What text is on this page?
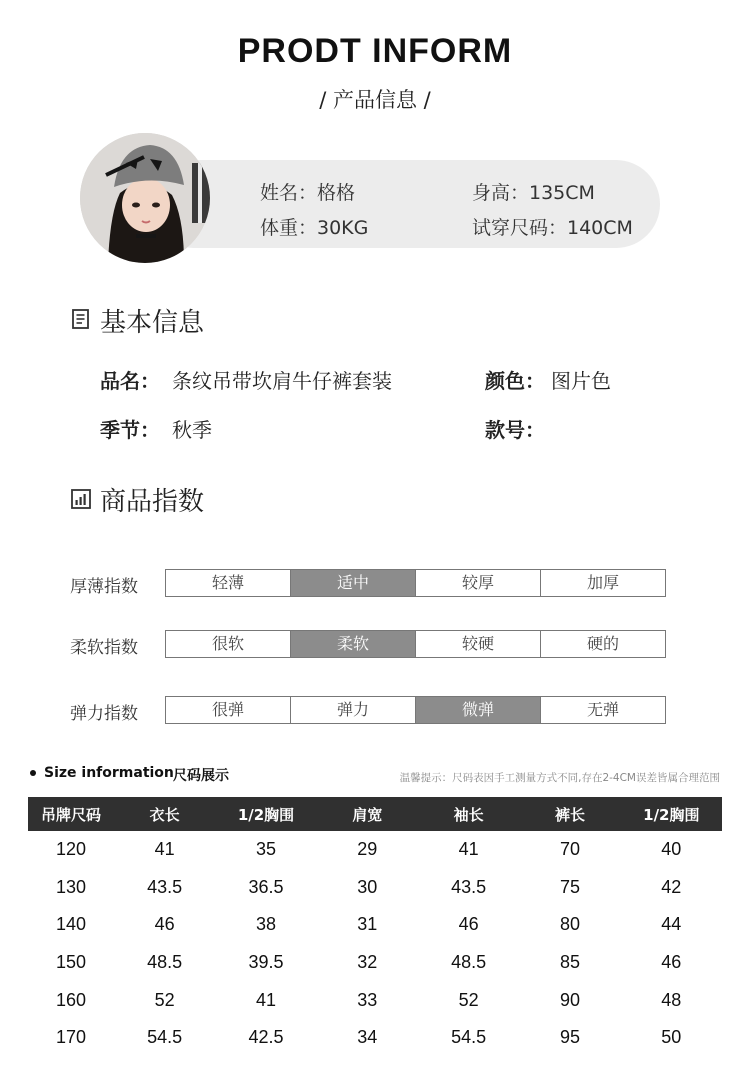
PRODT INFORM
/ 产品信息 /
姓名：格格	身高：135CM
体重：30KG	试穿尺码：140CM
基本信息
品名： 条纹吊带坎肩牛仔裤套装	颜色： 图片色
季节： 秋季	款号：
商品指数
厚薄指数	轻薄	适中	较厚	加厚
柔软指数	很软	柔软	较硬	硬的
弹力指数	很弹	弹力	微弹	无弹
Size information 尺码展示	温馨提示：尺码表因手工测量方式不同,存在2-4CM误差皆属合理范围
吊牌尺码	衣长	1/2胸围	肩宽	袖长	裤长	1/2胸围
120	41	35	29	41	70	40
130	43.5	36.5	30	43.5	75	42
140	46	38	31	46	80	44
150	48.5	39.5	32	48.5	85	46
160	52	41	33	52	90	48
170	54.5	42.5	34	54.5	95	50
